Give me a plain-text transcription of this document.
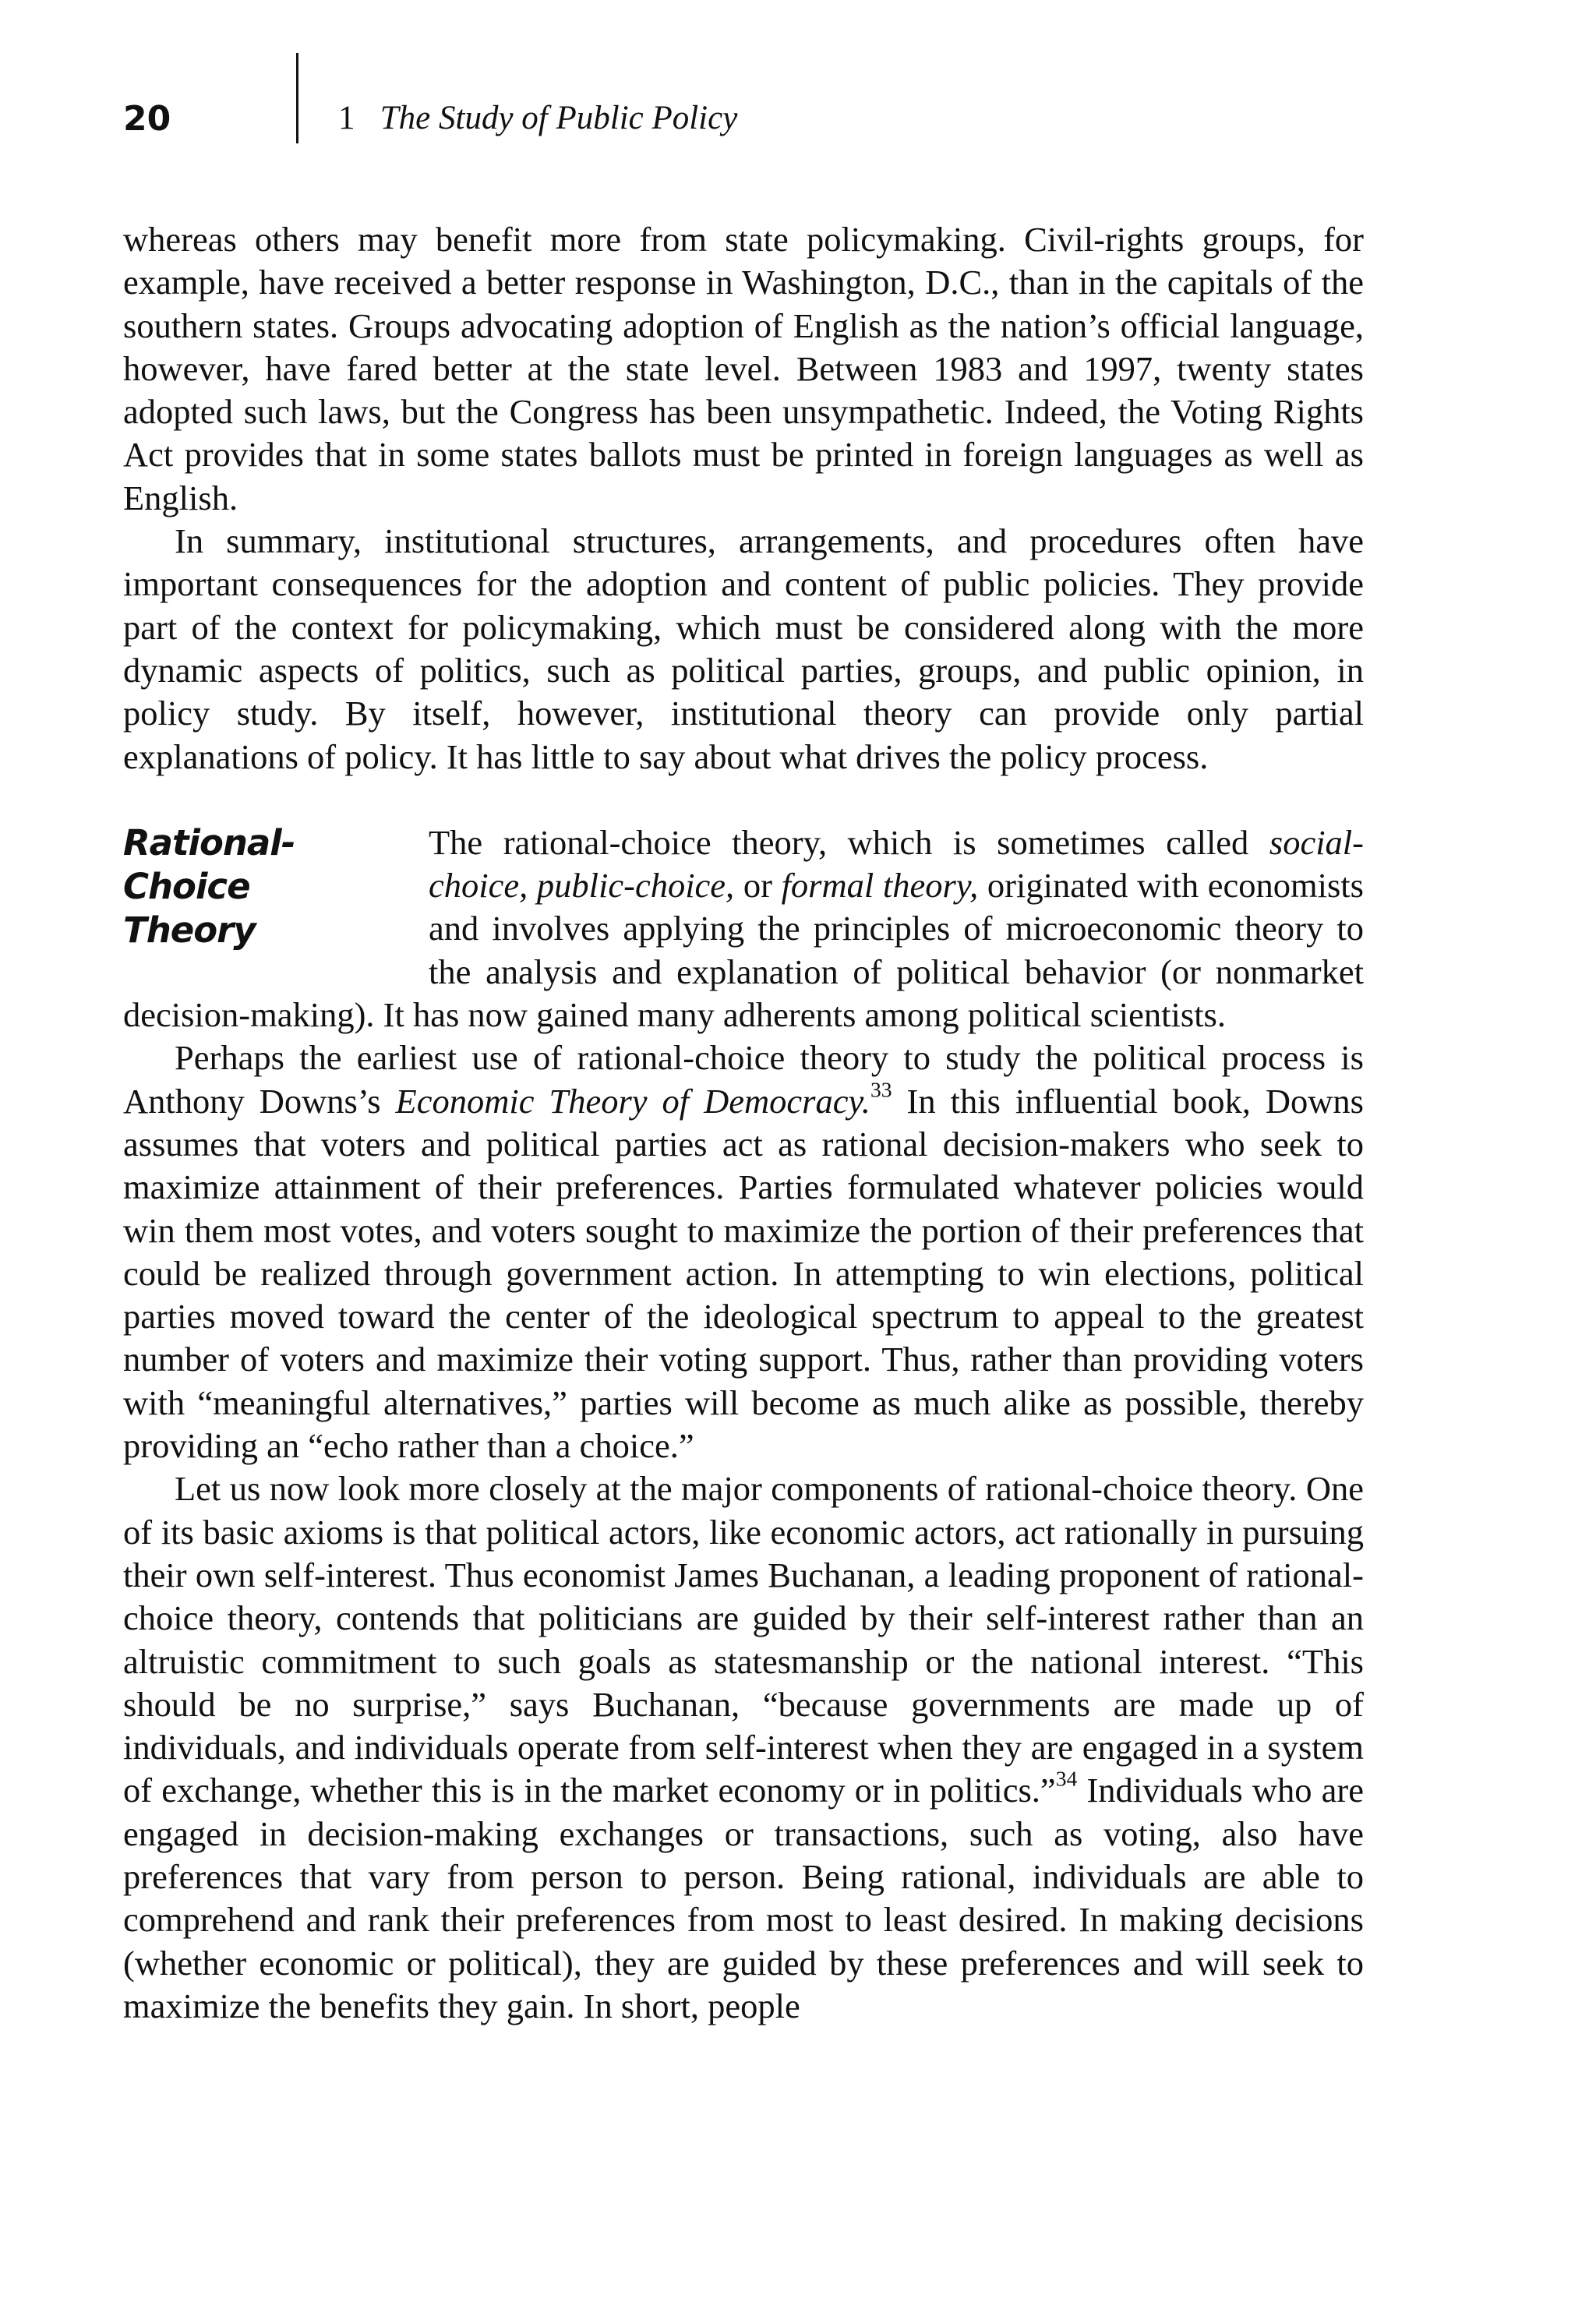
20	1 The Study of Public Policy

whereas others may benefit more from state policymaking. Civil-rights groups, for example, have received a better response in Washington, D.C., than in the capitals of the southern states. Groups advocating adoption of English as the nation’s official language, however, have fared better at the state level. Between 1983 and 1997, twenty states adopted such laws, but the Congress has been unsympathetic. Indeed, the Voting Rights Act provides that in some states ballots must be printed in foreign languages as well as English.

In summary, institutional structures, arrangements, and procedures often have important consequences for the adoption and content of public policies. They provide part of the context for policymaking, which must be considered along with the more dynamic aspects of politics, such as political parties, groups, and public opinion, in policy study. By itself, however, institutional theory can provide only partial explanations of policy. It has little to say about what drives the policy process.

Rational-Choice
Theory

The rational-choice theory, which is sometimes called social-choice, public-choice, or formal theory, originated with economists and involves applying the principles of microeconomic theory to the analysis and explanation of political behavior (or nonmarket decision-making). It has now gained many adherents among political scientists.

Perhaps the earliest use of rational-choice theory to study the political process is Anthony Downs’s Economic Theory of Democracy.$^{33}$ In this influential book, Downs assumes that voters and political parties act as rational decision-makers who seek to maximize attainment of their preferences. Parties formulated whatever policies would win them most votes, and voters sought to maximize the portion of their preferences that could be realized through government action. In attempting to win elections, political parties moved toward the center of the ideological spectrum to appeal to the greatest number of voters and maximize their voting support. Thus, rather than providing voters with “meaningful alternatives,” parties will become as much alike as possible, thereby providing an “echo rather than a choice.”

Let us now look more closely at the major components of rational-choice theory. One of its basic axioms is that political actors, like economic actors, act rationally in pursuing their own self-interest. Thus economist James Buchanan, a leading proponent of rational-choice theory, contends that politicians are guided by their self-interest rather than an altruistic commitment to such goals as statesmanship or the national interest. “This should be no surprise,” says Buchanan, “because governments are made up of individuals, and individuals operate from self-interest when they are engaged in a system of exchange, whether this is in the market economy or in politics.”$^{34}$ Individuals who are engaged in decision-making exchanges or transactions, such as voting, also have preferences that vary from person to person. Being rational, individuals are able to comprehend and rank their preferences from most to least desired. In making decisions (whether economic or political), they are guided by these preferences and will seek to maximize the benefits they gain. In short, people
